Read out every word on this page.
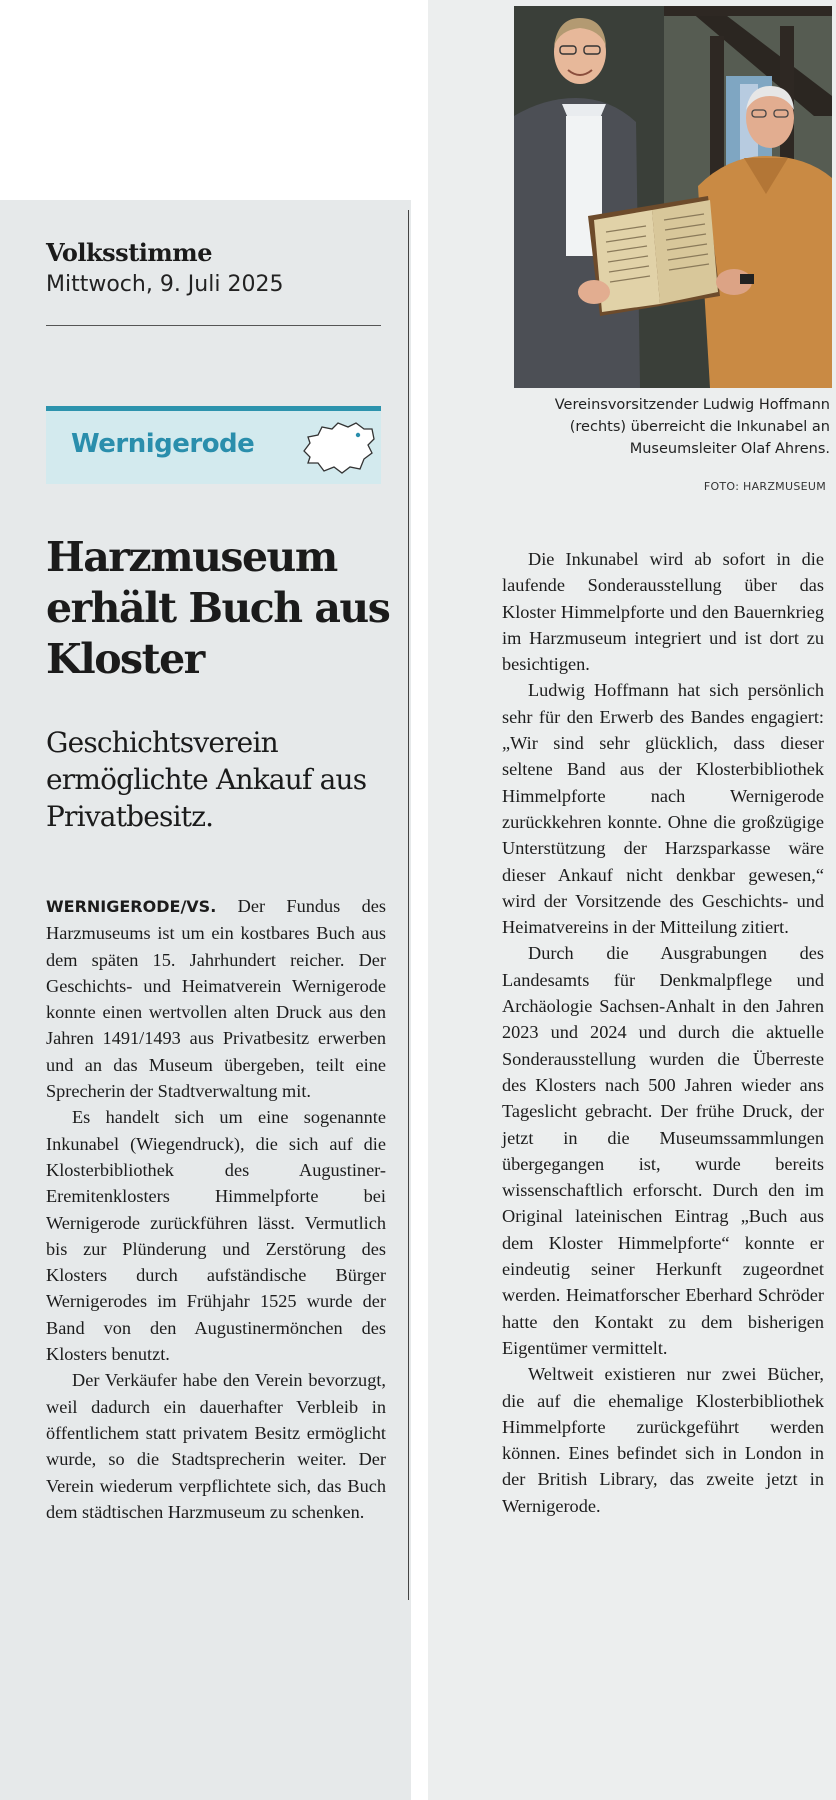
Volksstimme
Mittwoch, 9. Juli 2025
Wernigerode
Harzmuseum erhält Buch aus Kloster
Geschichtsverein ermöglichte Ankauf aus Privatbesitz.

WERNIGERODE/VS. Der Fundus des Harzmuseums ist um ein kostbares Buch aus dem späten 15. Jahrhundert reicher. Der Geschichts- und Heimatverein Wernigerode konnte einen wertvollen alten Druck aus den Jahren 1491/1493 aus Privatbesitz erwerben und an das Museum übergeben, teilt eine Sprecherin der Stadtverwaltung mit.

Es handelt sich um eine sogenannte Inkunabel (Wiegendruck), die sich auf die Klosterbibliothek des Augustiner-Eremitenklosters Himmelpforte bei Wernigerode zurückführen lässt. Vermutlich bis zur Plünderung und Zerstörung des Klosters durch aufständische Bürger Wernigerodes im Frühjahr 1525 wurde der Band von den Augustinermönchen des Klosters benutzt.

Der Verkäufer habe den Verein bevorzugt, weil dadurch ein dauerhafter Verbleib in öffentlichem statt privatem Besitz ermöglicht wurde, so die Stadtsprecherin weiter. Der Verein wiederum verpflichtete sich, das Buch dem städtischen Harzmuseum zu schenken.

Vereinsvorsitzender Ludwig Hoffmann (rechts) überreicht die Inkunabel an Museumsleiter Olaf Ahrens.

FOTO: HARZMUSEUM

Die Inkunabel wird ab sofort in die laufende Sonderausstellung über das Kloster Himmelpforte und den Bauernkrieg im Harzmuseum integriert und ist dort zu besichtigen.

Ludwig Hoffmann hat sich persönlich sehr für den Erwerb des Bandes engagiert: „Wir sind sehr glücklich, dass dieser seltene Band aus der Klosterbibliothek Himmelpforte nach Wernigerode zurückkehren konnte. Ohne die großzügige Unterstützung der Harzsparkasse wäre dieser Ankauf nicht denkbar gewesen,“ wird der Vorsitzende des Geschichts- und Heimatvereins in der Mitteilung zitiert.

Durch die Ausgrabungen des Landesamts für Denkmalpflege und Archäologie Sachsen-Anhalt in den Jahren 2023 und 2024 und durch die aktuelle Sonderausstellung wurden die Überreste des Klosters nach 500 Jahren wieder ans Tageslicht gebracht. Der frühe Druck, der jetzt in die Museumssammlungen übergegangen ist, wurde bereits wissenschaftlich erforscht. Durch den im Original lateinischen Eintrag „Buch aus dem Kloster Himmelpforte“ konnte er eindeutig seiner Herkunft zugeordnet werden. Heimatforscher Eberhard Schröder hatte den Kontakt zu dem bisherigen Eigentümer vermittelt.

Weltweit existieren nur zwei Bücher, die auf die ehemalige Klosterbibliothek Himmelpforte zurückgeführt werden können. Eines befindet sich in London in der British Library, das zweite jetzt in Wernigerode.
